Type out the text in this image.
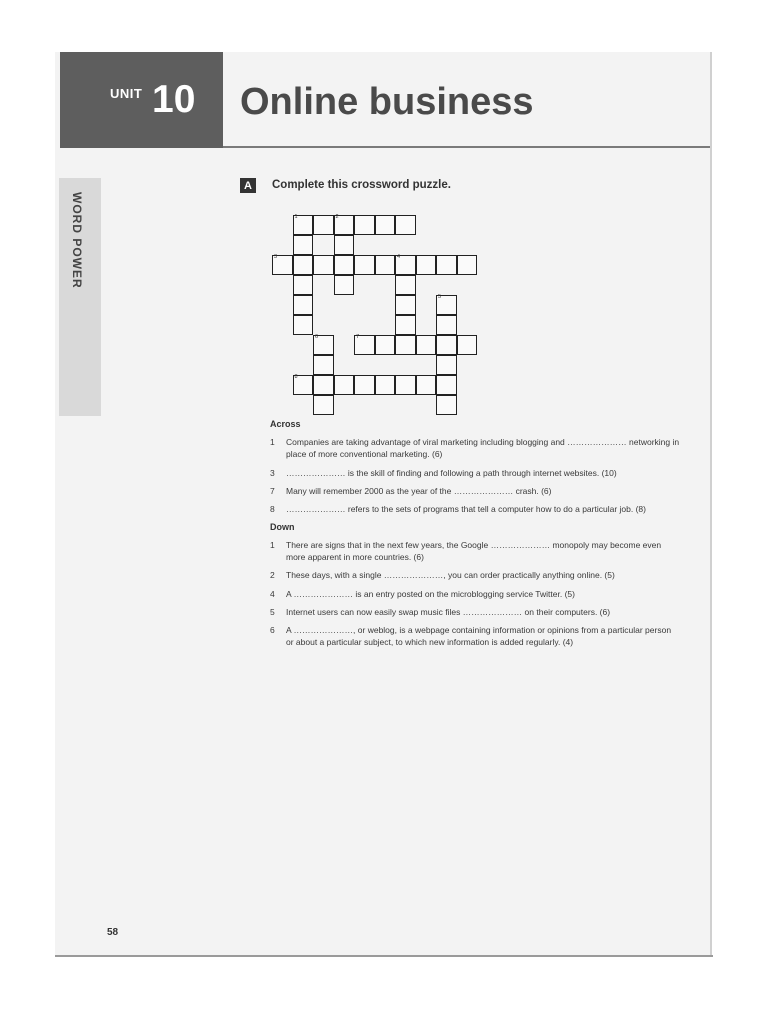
UNIT 10 Online business
WORD POWER
A	Complete this crossword puzzle.
1	2
3	4
5
6	7
8
Across
1	Companies are taking advantage of viral marketing including blogging and ………………… networking in place of more conventional marketing. (6)
3	………………… is the skill of finding and following a path through internet websites. (10)
7	Many will remember 2000 as the year of the ………………… crash. (6)
8	………………… refers to the sets of programs that tell a computer how to do a particular job. (8)
Down
1	There are signs that in the next few years, the Google ………………… monopoly may become even more apparent in more countries. (6)
2	These days, with a single …………………, you can order practically anything online. (5)
4	A ………………… is an entry posted on the microblogging service Twitter. (5)
5	Internet users can now easily swap music files ………………… on their computers. (6)
6	A …………………, or weblog, is a webpage containing information or opinions from a particular person or about a particular subject, to which new information is added regularly. (4)
58
